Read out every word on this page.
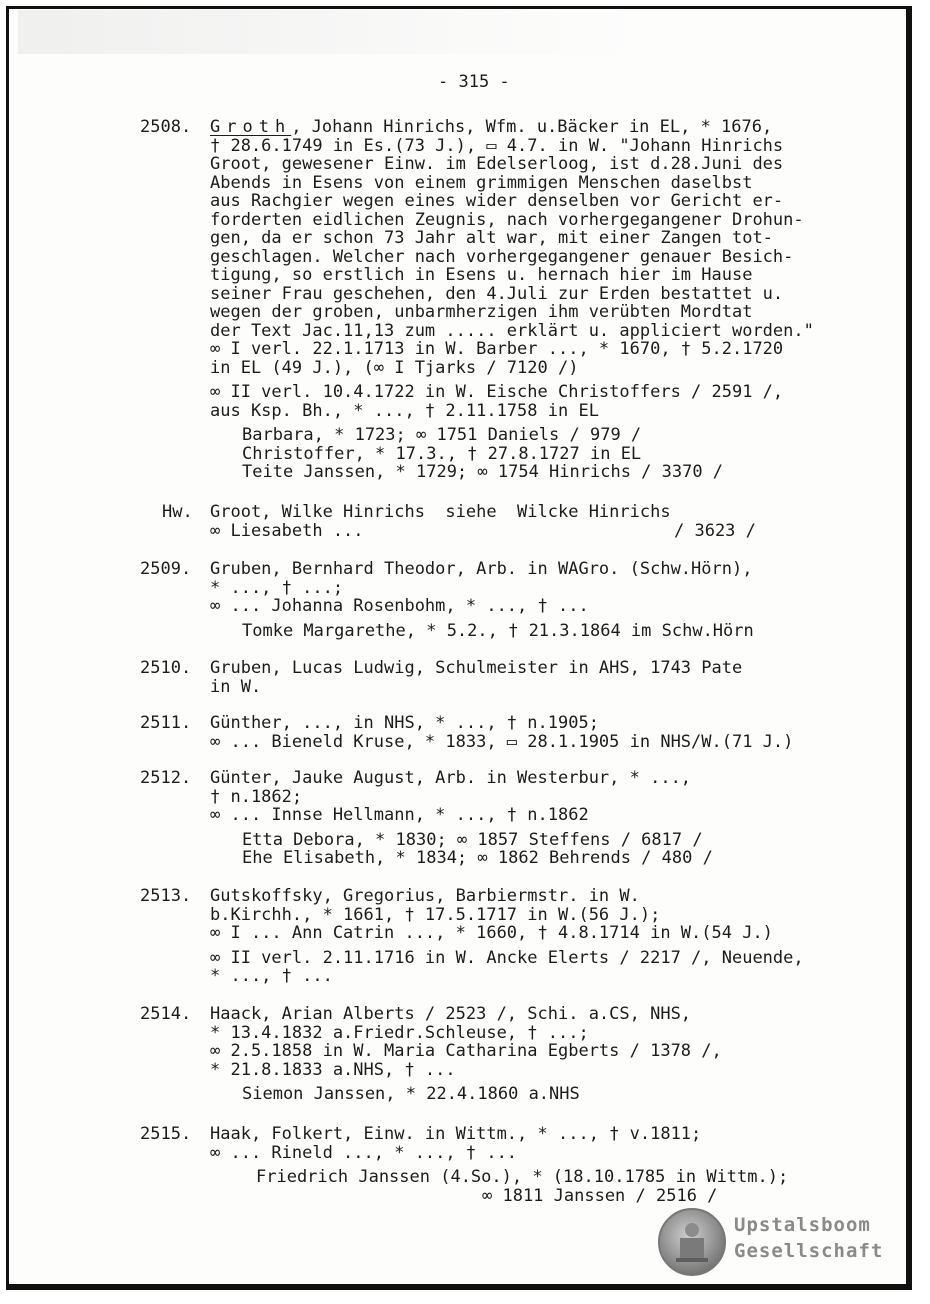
- 315 -
2508.	Groth, Johann Hinrichs, Wfm. u.Bäcker in EL, * 1676,
† 28.6.1749 in Es.(73 J.), ▭ 4.7. in W. "Johann Hinrichs
Groot, gewesener Einw. im Edelserloog, ist d.28.Juni des
Abends in Esens von einem grimmigen Menschen daselbst
aus Rachgier wegen eines wider denselben vor Gericht er-
forderten eidlichen Zeugnis, nach vorhergegangener Drohun-
gen, da er schon 73 Jahr alt war, mit einer Zangen tot-
geschlagen. Welcher nach vorhergegangener genauer Besich-
tigung, so erstlich in Esens u. hernach hier im Hause
seiner Frau geschehen, den 4.Juli zur Erden bestattet u.
wegen der groben, unbarmherzigen ihm verübten Mordtat
der Text Jac.11,13 zum ..... erklärt u. appliciert worden."
∞ I verl. 22.1.1713 in W. Barber ..., * 1670, † 5.2.1720
in EL (49 J.), (∞ I Tjarks / 7120 /)
∞ II verl. 10.4.1722 in W. Eische Christoffers / 2591 /,
aus Ksp. Bh., * ..., † 2.11.1758 in EL
Barbara, * 1723; ∞ 1751 Daniels / 979 /
Christoffer, * 17.3., † 27.8.1727 in EL
Teite Janssen, * 1729; ∞ 1754 Hinrichs / 3370 /
Hw.	Groot, Wilke Hinrichs  siehe  Wilcke Hinrichs
∞ Liesabeth ...	/ 3623 /
2509.	Gruben, Bernhard Theodor, Arb. in WAGro. (Schw.Hörn),
* ..., † ...;
∞ ... Johanna Rosenbohm, * ..., † ...
Tomke Margarethe, * 5.2., † 21.3.1864 im Schw.Hörn
2510.	Gruben, Lucas Ludwig, Schulmeister in AHS, 1743 Pate
in W.
2511.	Günther, ..., in NHS, * ..., † n.1905;
∞ ... Bieneld Kruse, * 1833, ▭ 28.1.1905 in NHS/W.(71 J.)
2512.	Günter, Jauke August, Arb. in Westerbur, * ...,
† n.1862;
∞ ... Innse Hellmann, * ..., † n.1862
Etta Debora, * 1830; ∞ 1857 Steffens / 6817 /
Ehe Elisabeth, * 1834; ∞ 1862 Behrends / 480 /
2513.	Gutskoffsky, Gregorius, Barbiermstr. in W.
b.Kirchh., * 1661, † 17.5.1717 in W.(56 J.);
∞ I ... Ann Catrin ..., * 1660, † 4.8.1714 in W.(54 J.)
∞ II verl. 2.11.1716 in W. Ancke Elerts / 2217 /, Neuende,
* ..., † ...
2514.	Haack, Arian Alberts / 2523 /, Schi. a.CS, NHS,
* 13.4.1832 a.Friedr.Schleuse, † ...;
∞ 2.5.1858 in W. Maria Catharina Egberts / 1378 /,
* 21.8.1833 a.NHS, † ...
Siemon Janssen, * 22.4.1860 a.NHS
2515.	Haak, Folkert, Einw. in Wittm., * ..., † v.1811;
∞ ... Rineld ..., * ..., † ...
Friedrich Janssen (4.So.), * (18.10.1785 in Wittm.);
∞ 1811 Janssen / 2516 /
Upstalsboom
Gesellschaft
